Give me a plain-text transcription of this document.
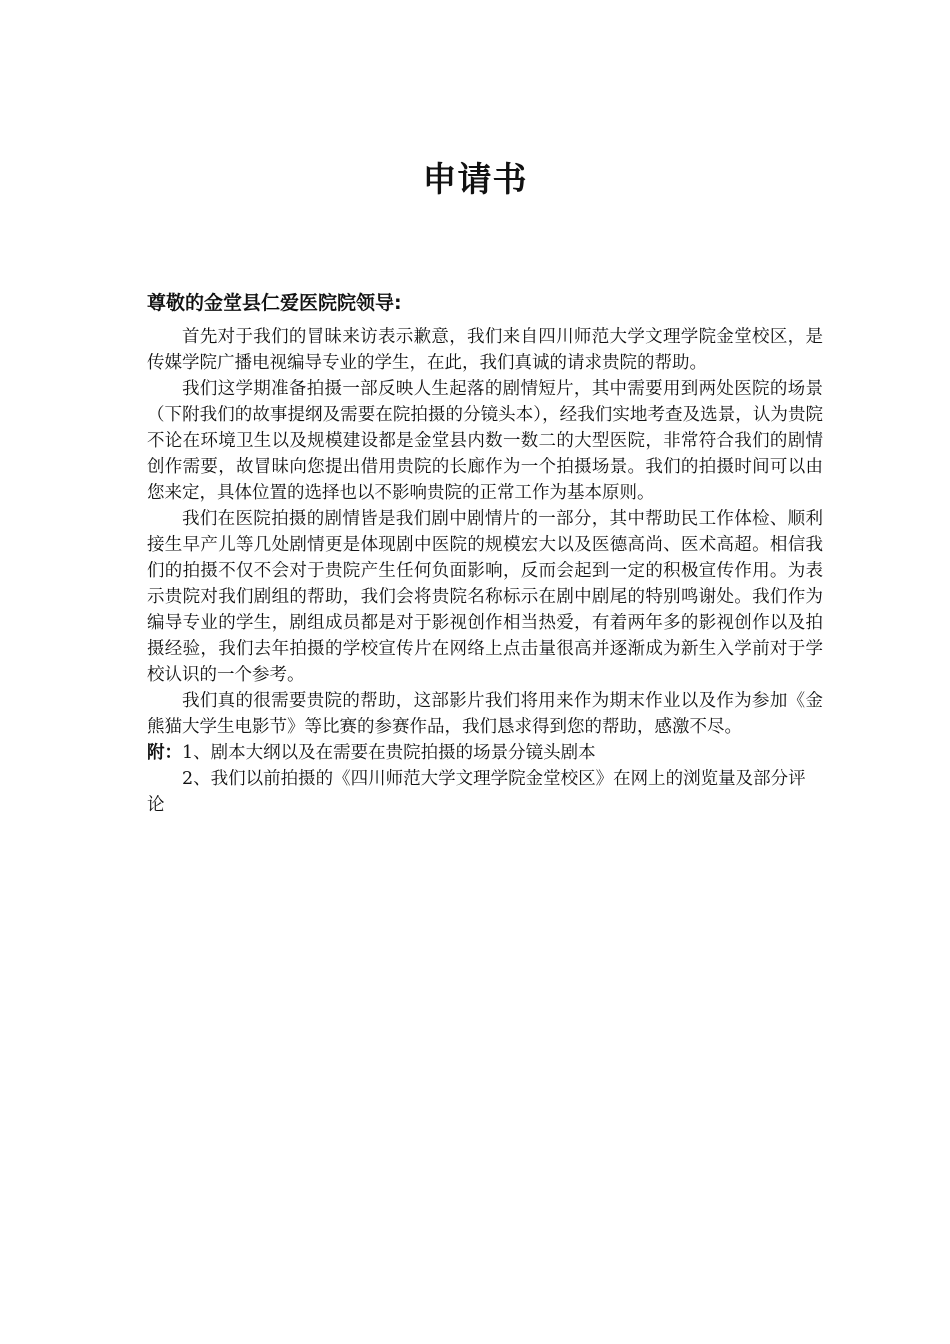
申请书
尊敬的金堂县仁爱医院院领导:

首先对于我们的冒昧来访表示歉意，我们来自四川师范大学文理学院金堂校区，是传媒学院广播电视编导专业的学生，在此，我们真诚的请求贵院的帮助。

我们这学期准备拍摄一部反映人生起落的剧情短片，其中需要用到两处医院的场景（下附我们的故事提纲及需要在院拍摄的分镜头本），经我们实地考查及选景，认为贵院不论在环境卫生以及规模建设都是金堂县内数一数二的大型医院，非常符合我们的剧情创作需要，故冒昧向您提出借用贵院的长廊作为一个拍摄场景。我们的拍摄时间可以由您来定，具体位置的选择也以不影响贵院的正常工作为基本原则。

我们在医院拍摄的剧情皆是我们剧中剧情片的一部分，其中帮助民工作体检、顺利接生早产儿等几处剧情更是体现剧中医院的规模宏大以及医德高尚、医术高超。相信我们的拍摄不仅不会对于贵院产生任何负面影响，反而会起到一定的积极宣传作用。为表示贵院对我们剧组的帮助，我们会将贵院名称标示在剧中剧尾的特别鸣谢处。我们作为编导专业的学生，剧组成员都是对于影视创作相当热爱，有着两年多的影视创作以及拍摄经验，我们去年拍摄的学校宣传片在网络上点击量很高并逐渐成为新生入学前对于学校认识的一个参考。

我们真的很需要贵院的帮助，这部影片我们将用来作为期末作业以及作为参加《金熊猫大学生电影节》等比赛的参赛作品，我们恳求得到您的帮助，感激不尽。

附：1、剧本大纲以及在需要在贵院拍摄的场景分镜头剧本
2、我们以前拍摄的《四川师范大学文理学院金堂校区》在网上的浏览量及部分评论
